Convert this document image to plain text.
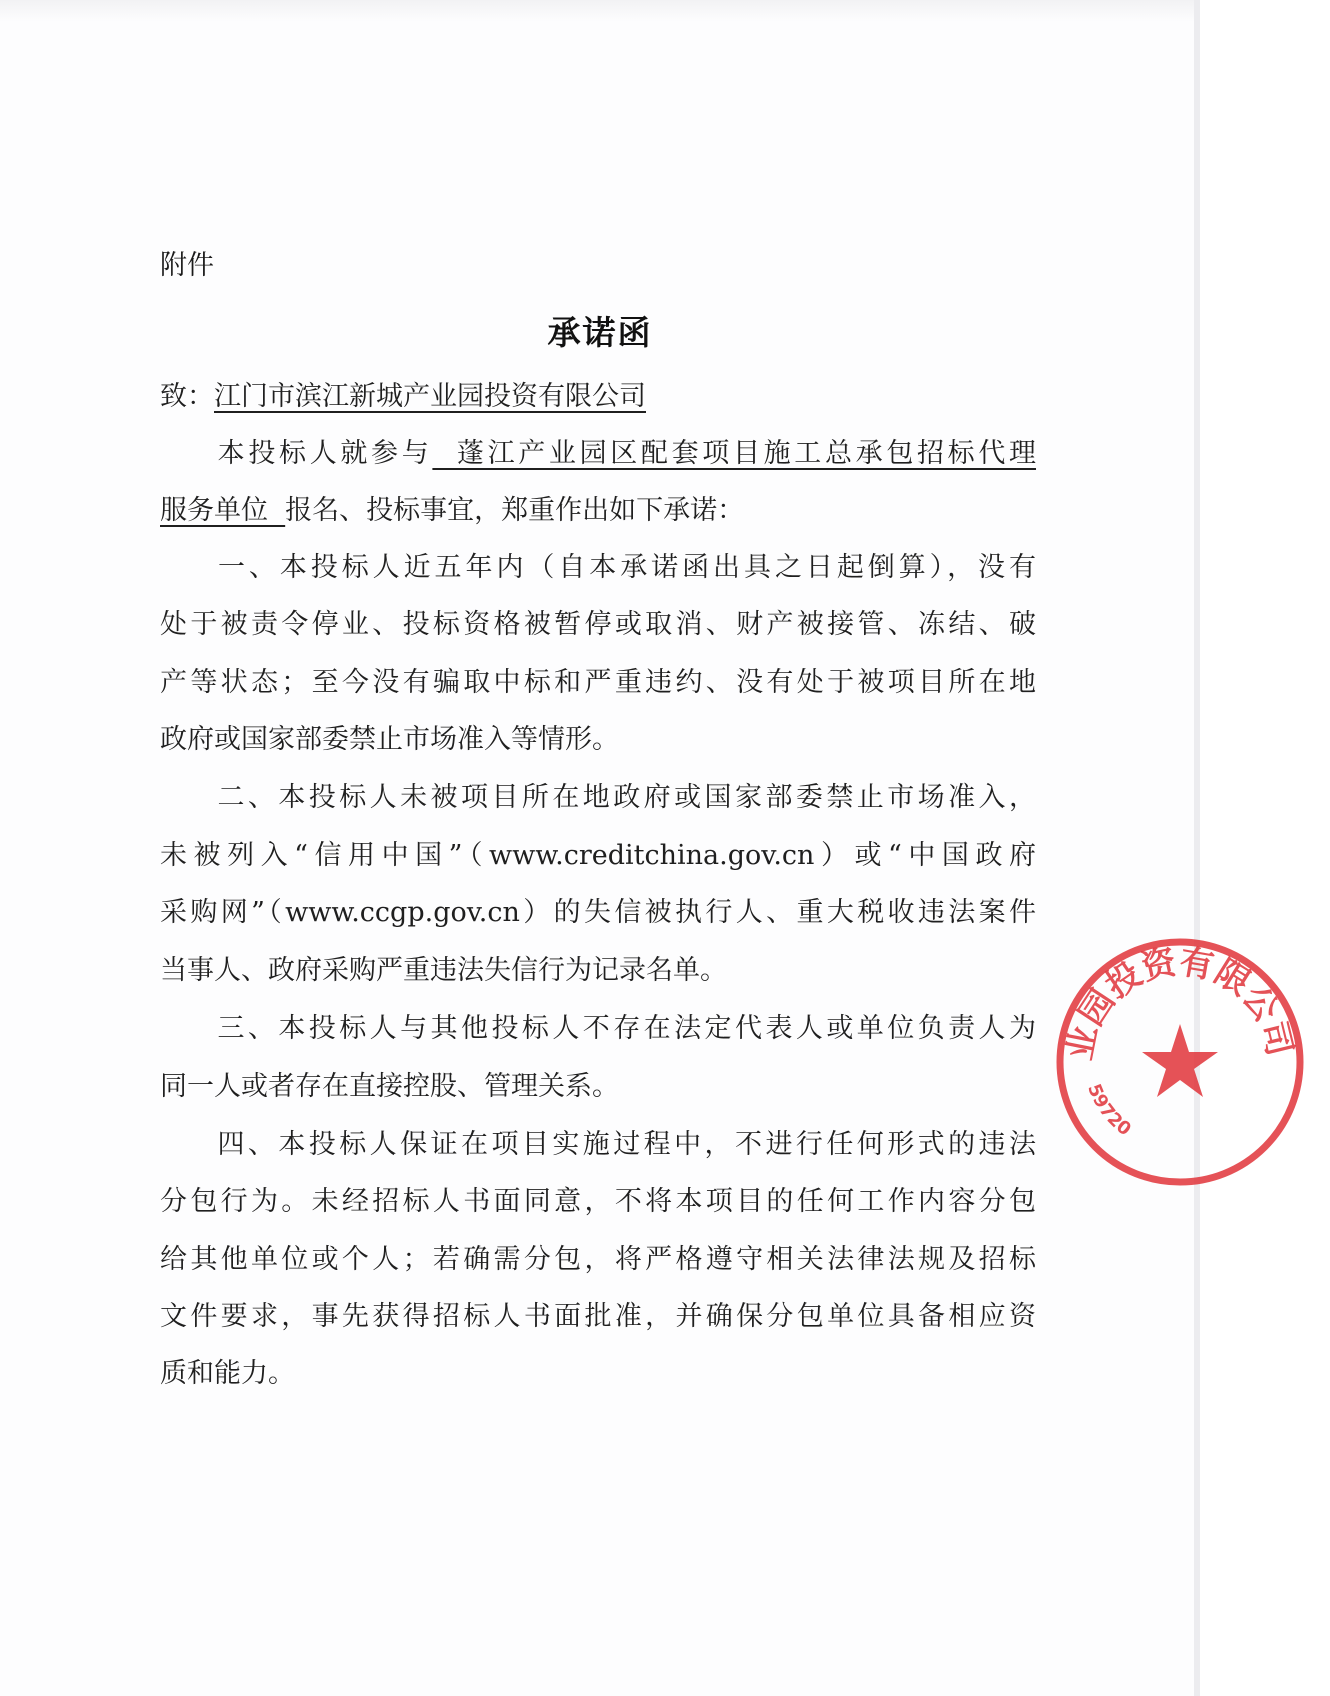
附件
承诺函
致：江门市滨江新城产业园投资有限公司
本投标人就参与  蓬江产业园区配套项目施工总承包招标代理
服务单位  报名、投标事宜，郑重作出如下承诺：
一、本投标人近五年内（自本承诺函出具之日起倒算），没有
处于被责令停业、投标资格被暂停或取消、财产被接管、冻结、破
产等状态；至今没有骗取中标和严重违约、没有处于被项目所在地
政府或国家部委禁止市场准入等情形。
二、本投标人未被项目所在地政府或国家部委禁止市场准入，
未被列入“信用中国”（www.creditchina.gov.cn）或“中国政府
采购网”（www.ccgp.gov.cn）的失信被执行人、重大税收违法案件
当事人、政府采购严重违法失信行为记录名单。
三、本投标人与其他投标人不存在法定代表人或单位负责人为
同一人或者存在直接控股、管理关系。
四、本投标人保证在项目实施过程中，不进行任何形式的违法
分包行为。未经招标人书面同意，不将本项目的任何工作内容分包
给其他单位或个人；若确需分包，将严格遵守相关法律法规及招标
文件要求，事先获得招标人书面批准，并确保分包单位具备相应资
质和能力。
业园投资有限公司
59720
